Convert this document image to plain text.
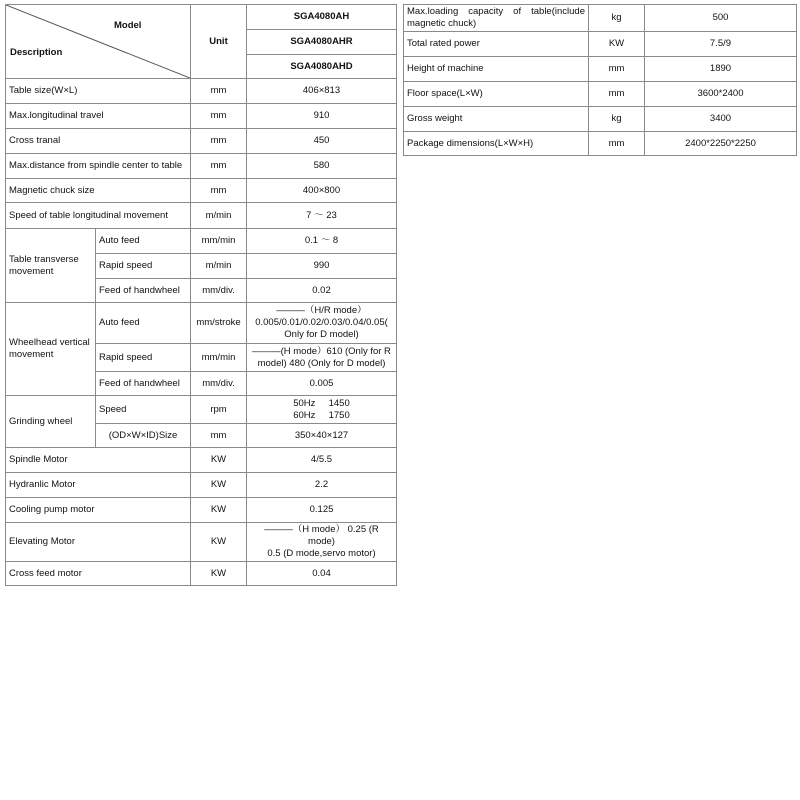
Model
Description		Unit	SGA4080AH
			SGA4080AHR
			SGA4080AHD
Table size(W×L)		mm	406×813
Max.longitudinal travel		mm	910
Cross tranal		mm	450
Max.distance from spindle center to table		mm	580
Magnetic chuck size		mm	400×800
Speed of table longitudinal movement		m/min	7 ～ 23
Table transverse movement	Auto feed	mm/min	0.1 ～ 8
	Rapid speed	m/min	990
	Feed of handwheel	mm/div.	0.02
Wheelhead vertical movement	Auto feed	mm/stroke	———（H/R mode）
0.005/0.01/0.02/0.03/0.04/0.05(
Only for D model)

	Rapid speed	mm/min	———(H mode）610 (Only for R
model) 480 (Only for D model)

	Feed of handwheel	mm/div.	0.005
Grinding wheel	Speed	rpm	50Hz     1450
60Hz     1750

	(OD×W×ID)Size	mm	350×40×127
Spindle Motor		KW	4/5.5
Hydranlic Motor		KW	2.2
Cooling pump motor		KW	0.125
Elevating Motor		KW	———（H mode） 0.25 (R mode)
0.5 (D mode,servo motor)

Cross feed motor		KW	0.04
Max.loading capacity of table(include magnetic chuck)	kg	500
Total rated power	KW	7.5/9
Height of machine	mm	1890
Floor space(L×W)	mm	3600*2400
Gross weight	kg	3400
Package dimensions(L×W×H)	mm	2400*2250*2250
